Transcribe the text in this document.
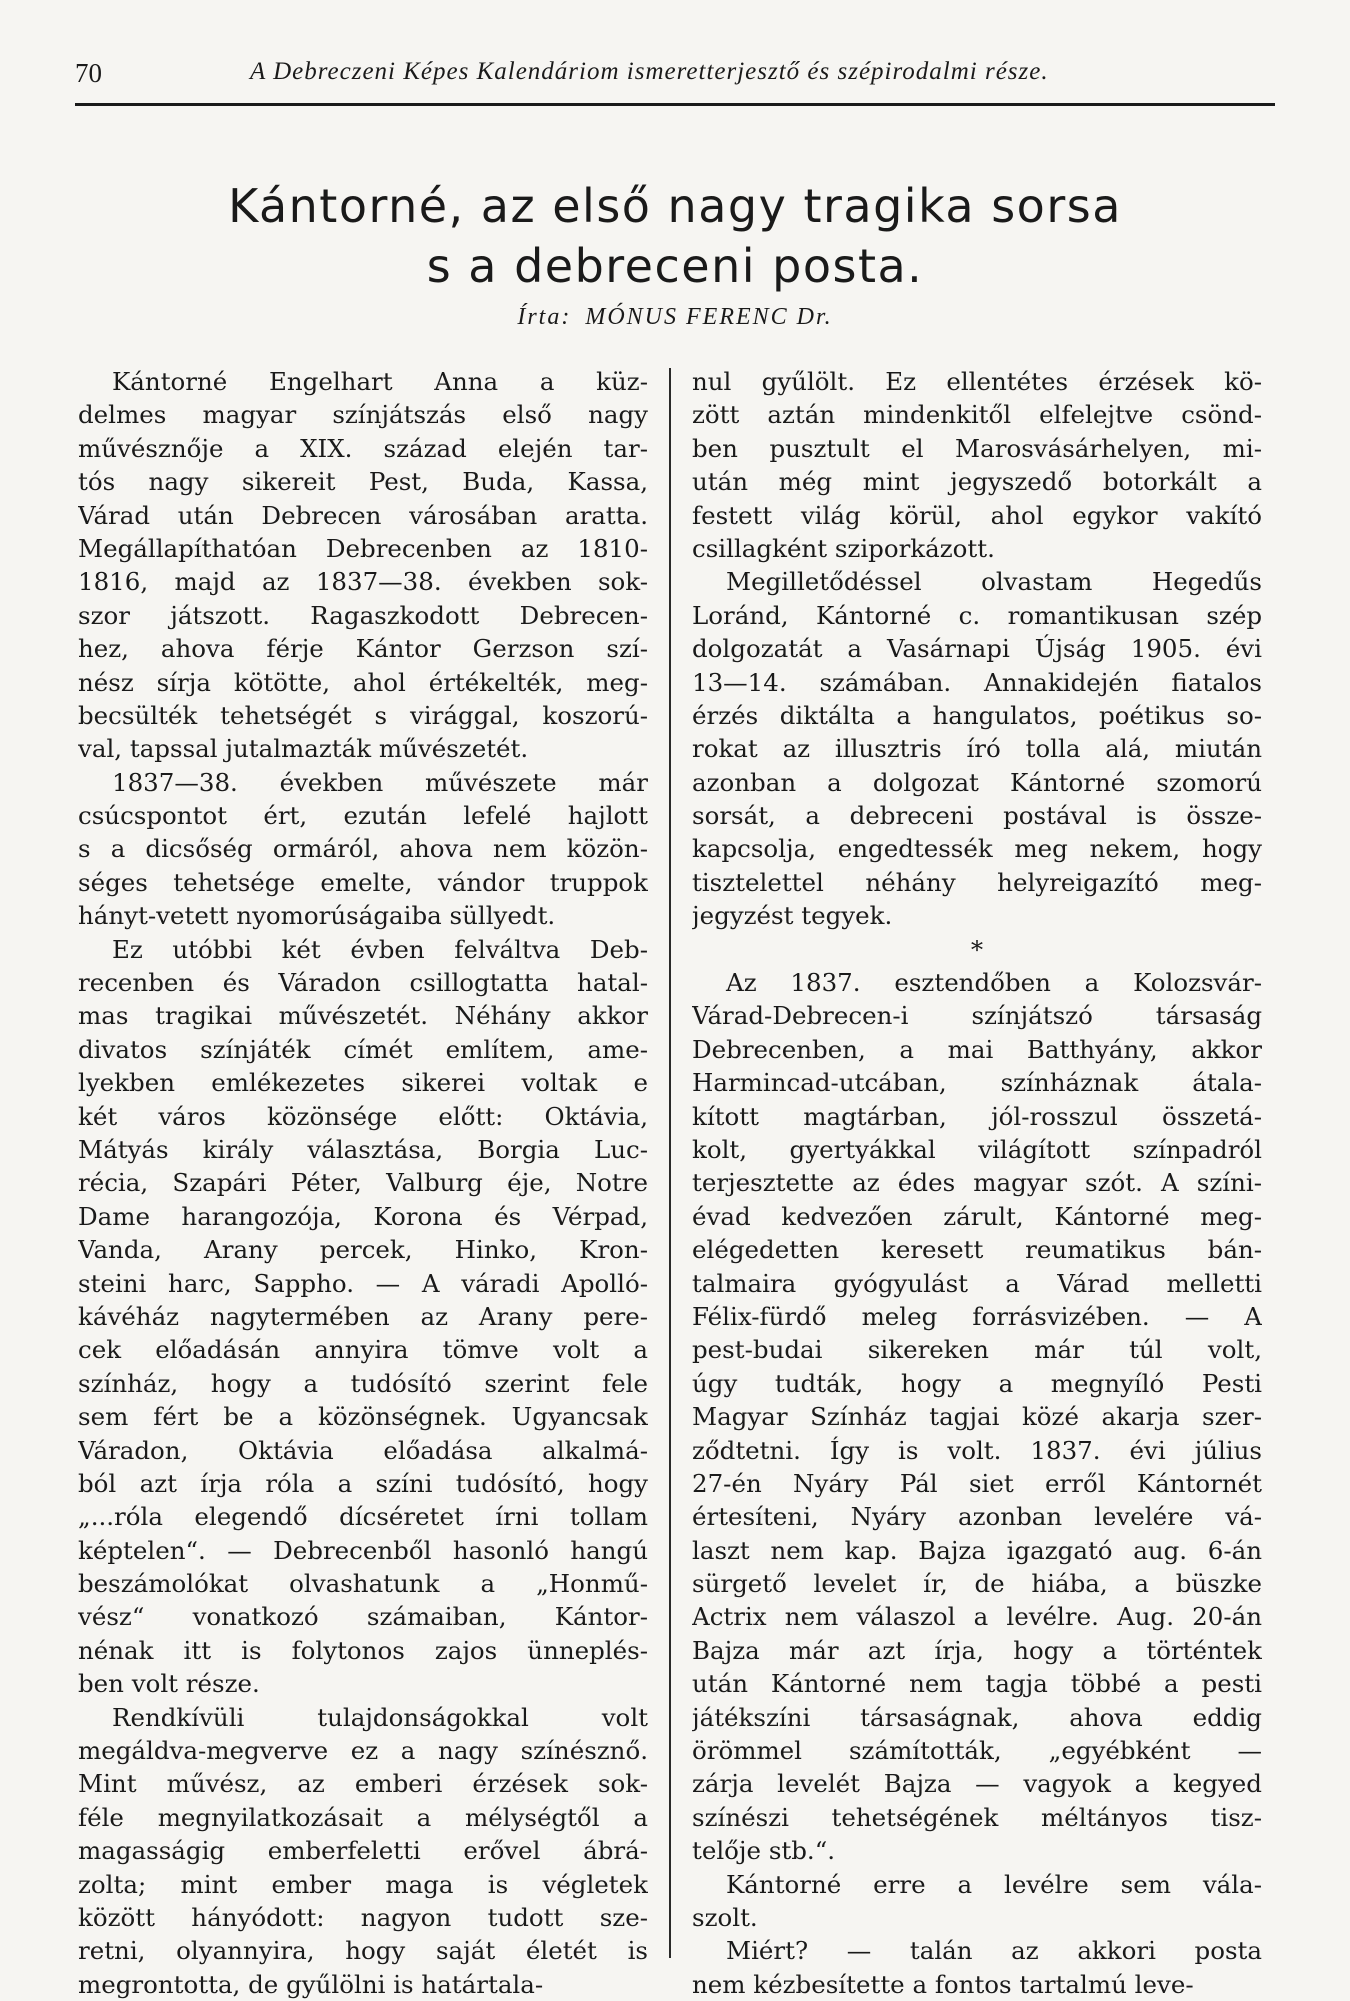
70	A Debreczeni Képes Kalendáriom ismeretterjesztő és szépirodalmi része.
Kántorné, az első nagy tragika sorsa
s a debreceni posta.
Írta: MÓNUS FERENC Dr.
Kántorné Engelhart Anna a küz-
delmes magyar színjátszás első nagy
művésznője a XIX. század elején tar-
tós nagy sikereit Pest, Buda, Kassa,
Várad után Debrecen városában aratta.
Megállapíthatóan Debrecenben az 1810-
1816, majd az 1837—38. években sok-
szor játszott. Ragaszkodott Debrecen-
hez, ahova férje Kántor Gerzson szí-
nész sírja kötötte, ahol értékelték, meg-
becsülték tehetségét s virággal, koszorú-
val, tapssal jutalmazták művészetét.
1837—38. években művészete már
csúcspontot ért, ezután lefelé hajlott
s a dicsőség ormáról, ahova nem közön-
séges tehetsége emelte, vándor truppok
hányt-vetett nyomorúságaiba süllyedt.
Ez utóbbi két évben felváltva Deb-
recenben és Váradon csillogtatta hatal-
mas tragikai művészetét. Néhány akkor
divatos színjáték címét említem, ame-
lyekben emlékezetes sikerei voltak e
két város közönsége előtt: Oktávia,
Mátyás király választása, Borgia Luc-
récia, Szapári Péter, Valburg éje, Notre
Dame harangozója, Korona és Vérpad,
Vanda, Arany percek, Hinko, Kron-
steini harc, Sappho. — A váradi Apolló-
kávéház nagytermében az Arany pere-
cek előadásán annyira tömve volt a
színház, hogy a tudósító szerint fele
sem fért be a közönségnek. Ugyancsak
Váradon, Oktávia előadása alkalmá-
ból azt írja róla a színi tudósító, hogy
„...róla elegendő dícséretet írni tollam
képtelen“. — Debrecenből hasonló hangú
beszámolókat olvashatunk a „Honmű-
vész“ vonatkozó számaiban, Kántor-
nénak itt is folytonos zajos ünneplés-
ben volt része.
Rendkívüli tulajdonságokkal volt
megáldva-megverve ez a nagy színésznő.
Mint művész, az emberi érzések sok-
féle megnyilatkozásait a mélységtől a
magasságig emberfeletti erővel ábrá-
zolta; mint ember maga is végletek
között hányódott: nagyon tudott sze-
retni, olyannyira, hogy saját életét is
megrontotta, de gyűlölni is határtala-
nul gyűlölt. Ez ellentétes érzések kö-
zött aztán mindenkitől elfelejtve csönd-
ben pusztult el Marosvásárhelyen, mi-
után még mint jegyszedő botorkált a
festett világ körül, ahol egykor vakító
csillagként sziporkázott.
Megilletődéssel olvastam Hegedűs
Loránd, Kántorné c. romantikusan szép
dolgozatát a Vasárnapi Újság 1905. évi
13—14. számában. Annakidején fiatalos
érzés diktálta a hangulatos, poétikus so-
rokat az illusztris író tolla alá, miután
azonban a dolgozat Kántorné szomorú
sorsát, a debreceni postával is össze-
kapcsolja, engedtessék meg nekem, hogy
tisztelettel néhány helyreigazító meg-
jegyzést tegyek.
*
Az 1837. esztendőben a Kolozsvár-
Várad-Debrecen-i színjátszó társaság
Debrecenben, a mai Batthyány, akkor
Harmincad-utcában, színháznak átala-
kított magtárban, jól-rosszul összetá-
kolt, gyertyákkal világított színpadról
terjesztette az édes magyar szót. A színi-
évad kedvezően zárult, Kántorné meg-
elégedetten keresett reumatikus bán-
talmaira gyógyulást a Várad melletti
Félix-fürdő meleg forrásvizében. — A
pest-budai sikereken már túl volt,
úgy tudták, hogy a megnyíló Pesti
Magyar Színház tagjai közé akarja szer-
ződtetni. Így is volt. 1837. évi július
27-én Nyáry Pál siet erről Kántornét
értesíteni, Nyáry azonban levelére vá-
laszt nem kap. Bajza igazgató aug. 6-án
sürgető levelet ír, de hiába, a büszke
Actrix nem válaszol a levélre. Aug. 20-án
Bajza már azt írja, hogy a történtek
után Kántorné nem tagja többé a pesti
játékszíni társaságnak, ahova eddig
örömmel számították, „egyébként —
zárja levelét Bajza — vagyok a kegyed
színészi tehetségének méltányos tisz-
telője stb.“.
Kántorné erre a levélre sem vála-
szolt.
Miért? — talán az akkori posta
nem kézbesítette a fontos tartalmú leve-
